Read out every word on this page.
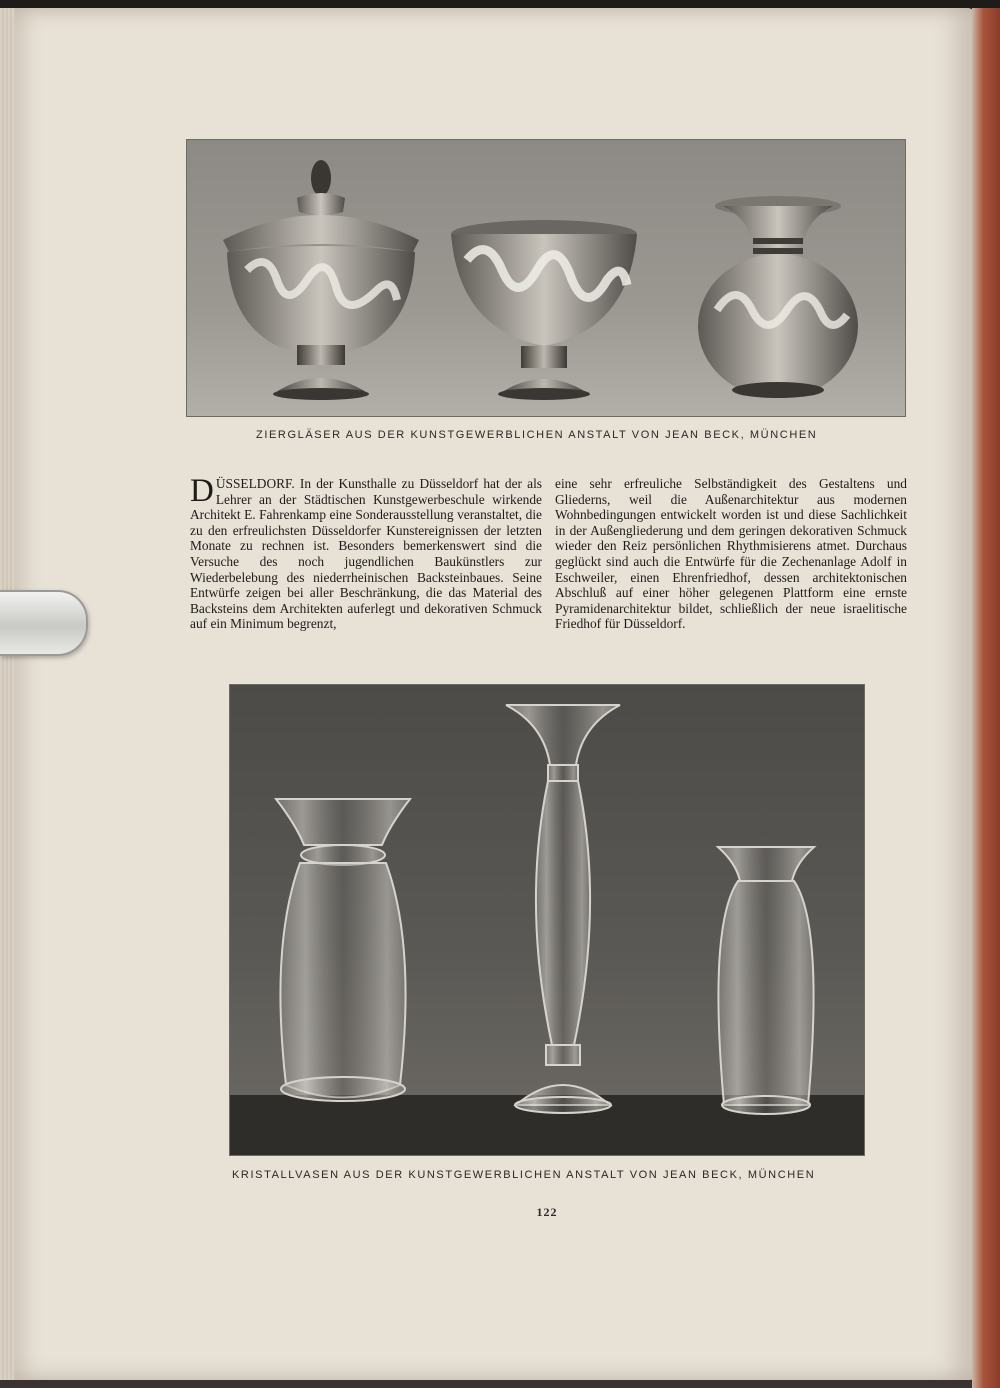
ZIERGLÄSER AUS DER KUNSTGEWERBLICHEN ANSTALT VON JEAN BECK, MÜNCHEN
D ÜSSELDORF. In der Kunsthalle zu Düsseldorf hat der als Lehrer an der Städtischen Kunstgewerbeschule wirkende Architekt E. Fahrenkamp eine Sonderausstellung veranstaltet, die zu den erfreulichsten Düsseldorfer Kunstereignissen der letzten Monate zu rechnen ist. Besonders bemerkenswert sind die Versuche des noch jugendlichen Baukünstlers zur Wiederbelebung des niederrheinischen Backsteinbaues. Seine Entwürfe zeigen bei aller Beschränkung, die das Material des Backsteins dem Architekten auferlegt und dekorativen Schmuck auf ein Minimum begrenzt,

eine sehr erfreuliche Selbständigkeit des Gestaltens und Gliederns, weil die Außenarchitektur aus modernen Wohnbedingungen entwickelt worden ist und diese Sachlichkeit in der Außengliederung und dem geringen dekorativen Schmuck wieder den Reiz persönlichen Rhythmisierens atmet. Durchaus geglückt sind auch die Entwürfe für die Zechenanlage Adolf in Eschweiler, einen Ehrenfriedhof, dessen architektonischen Abschluß auf einer höher gelegenen Plattform eine ernste Pyramidenarchitektur bildet, schließlich der neue israelitische Friedhof für Düsseldorf.

KRISTALLVASEN AUS DER KUNSTGEWERBLICHEN ANSTALT VON JEAN BECK, MÜNCHEN
122
